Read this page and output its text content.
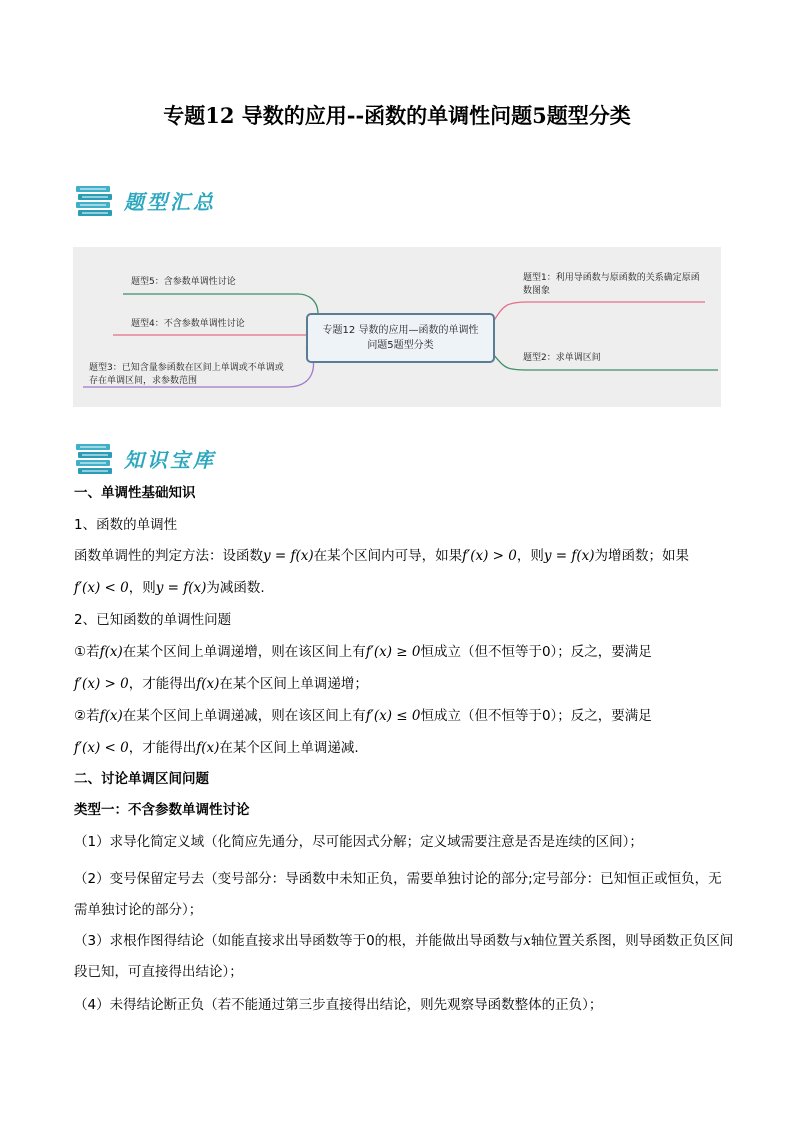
专题12 导数的应用--函数的单调性问题5题型分类
题型汇总
题型5：含参数单调性讨论
题型4：不含参数单调性讨论
题型3：已知含量参函数在区间上单调或不单调或存在单调区间，求参数范围
专题12 导数的应用—函数的单调性问题5题型分类
题型1：利用导函数与原函数的关系确定原函数图象
题型2：求单调区间
知识宝库
一、单调性基础知识
1、函数的单调性
函数单调性的判定方法：设函数y = f(x)在某个区间内可导，如果f′(x) > 0，则y = f(x)为增函数；如果
f′(x) < 0，则y = f(x)为减函数.
2、已知函数的单调性问题
①若f(x)在某个区间上单调递增，则在该区间上有f′(x) ≥ 0恒成立（但不恒等于0）；反之，要满足
f′(x) > 0，才能得出f(x)在某个区间上单调递增；
②若f(x)在某个区间上单调递减，则在该区间上有f′(x) ≤ 0恒成立（但不恒等于0）；反之，要满足
f′(x) < 0，才能得出f(x)在某个区间上单调递减.
二、讨论单调区间问题
类型一：不含参数单调性讨论
（1）求导化简定义域（化简应先通分，尽可能因式分解；定义域需要注意是否是连续的区间）；
（2）变号保留定号去（变号部分：导函数中未知正负，需要单独讨论的部分;定号部分：已知恒正或恒负，无需单独讨论的部分）；
（3）求根作图得结论（如能直接求出导函数等于0的根，并能做出导函数与x轴位置关系图，则导函数正负区间段已知，可直接得出结论）；
（4）未得结论断正负（若不能通过第三步直接得出结论，则先观察导函数整体的正负）；
